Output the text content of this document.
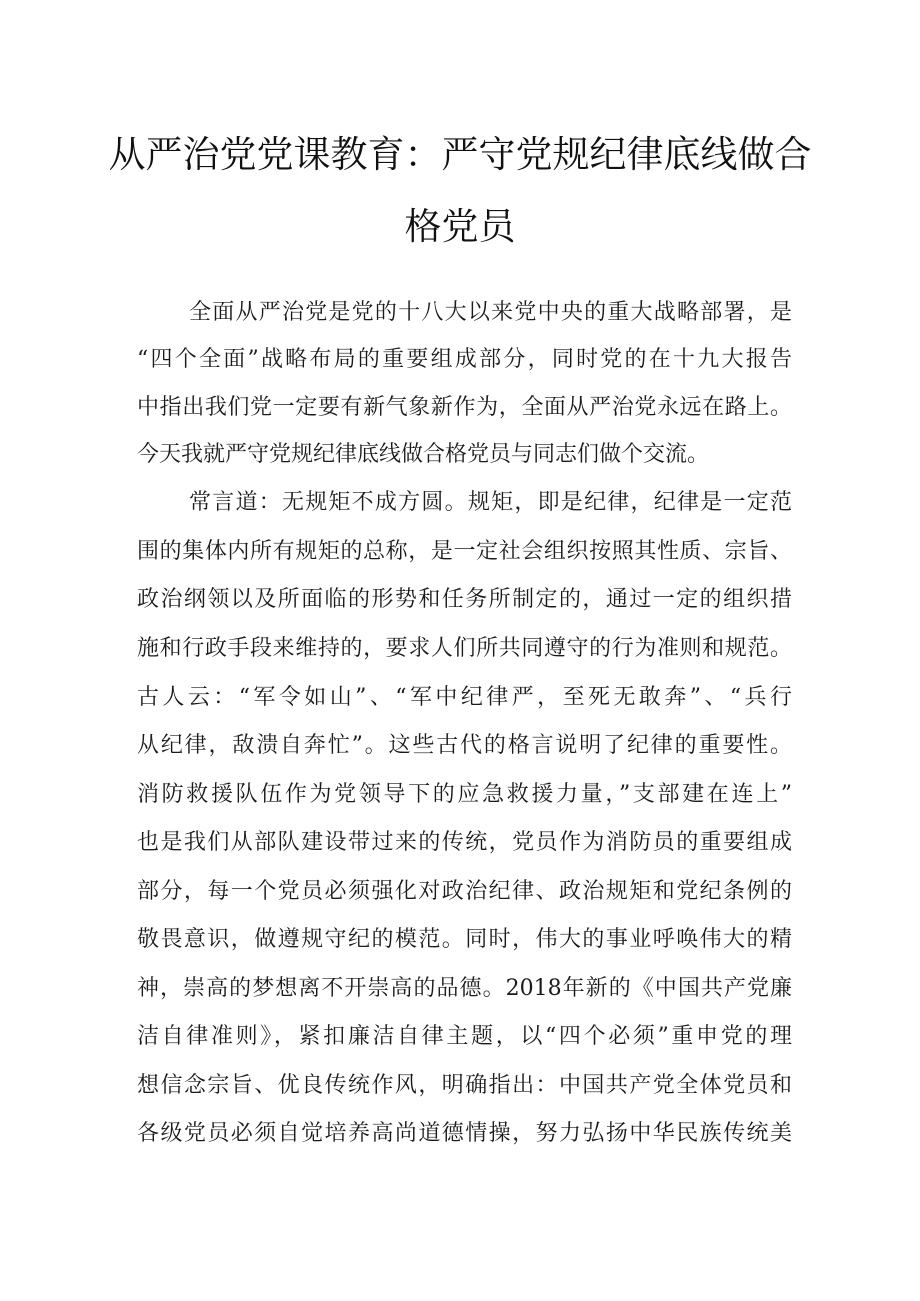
从严治党党课教育：严守党规纪律底线做合
格党员
全面从严治党是党的十八大以来党中央的重大战略部署，是
“四个全面”战略布局的重要组成部分，同时党的在十九大报告
中指出我们党一定要有新气象新作为，全面从严治党永远在路上。
今天我就严守党规纪律底线做合格党员与同志们做个交流。
常言道：无规矩不成方圆。规矩，即是纪律，纪律是一定范
围的集体内所有规矩的总称，是一定社会组织按照其性质、宗旨、
政治纲领以及所面临的形势和任务所制定的，通过一定的组织措
施和行政手段来维持的，要求人们所共同遵守的行为准则和规范。
古人云：“军令如山”、“军中纪律严，至死无敢奔”、“兵行
从纪律，敌溃自奔忙”。这些古代的格言说明了纪律的重要性。
消防救援队伍作为党领导下的应急救援力量，”支部建在连上”
也是我们从部队建设带过来的传统，党员作为消防员的重要组成
部分，每一个党员必须强化对政治纪律、政治规矩和党纪条例的
敬畏意识，做遵规守纪的模范。同时，伟大的事业呼唤伟大的精
神，崇高的梦想离不开崇高的品德。2018年新的《中国共产党廉
洁自律准则》，紧扣廉洁自律主题，以“四个必须”重申党的理
想信念宗旨、优良传统作风，明确指出：中国共产党全体党员和
各级党员必须自觉培养高尚道德情操，努力弘扬中华民族传统美
